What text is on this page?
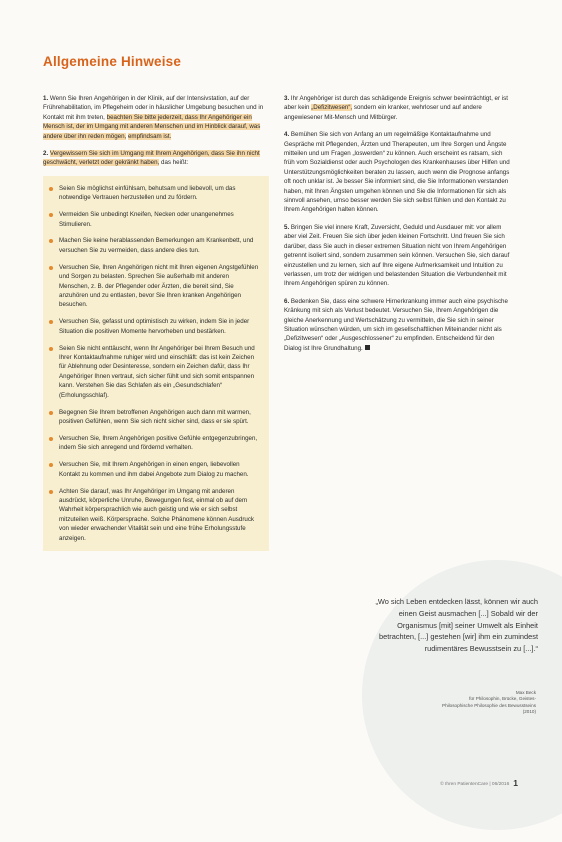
Allgemeine Hinweise

1. Wenn Sie Ihren Angehörigen in der Klinik, auf der Intensivstation, auf der Frührehabilitation, im Pflegeheim oder in häuslicher Umgebung besuchen und in Kontakt mit ihm treten, beachten Sie bitte jederzeit, dass Ihr Angehöriger ein Mensch ist, der im Umgang mit anderen Menschen und im Hinblick darauf, was andere über ihn reden mögen, empfindsam ist.

2. Vergewissern Sie sich im Umgang mit Ihrem Angehörigen, dass Sie ihn nicht geschwächt, verletzt oder gekränkt haben, das heißt:

Seien Sie möglichst einfühlsam, behutsam und liebevoll, um das notwendige Vertrauen herzustellen und zu fördern.
Vermeiden Sie unbedingt Kneifen, Necken oder unangenehmes Stimulieren.
Machen Sie keine herablassenden Bemerkungen am Krankenbett, und versuchen Sie zu vermeiden, dass andere dies tun.
Versuchen Sie, Ihren Angehörigen nicht mit Ihren eigenen Angstgefühlen und Sorgen zu belasten. Sprechen Sie außerhalb mit anderen Menschen, z. B. der Pflegender oder Ärzten, die bereit sind, Sie anzuhören und zu entlasten, bevor Sie Ihren kranken Angehörigen besuchen.
Versuchen Sie, gefasst und optimistisch zu wirken, indem Sie in jeder Situation die positiven Momente hervorheben und bestärken.
Seien Sie nicht enttäuscht, wenn Ihr Angehöriger bei Ihrem Besuch und Ihrer Kontaktaufnahme ruhiger wird und einschläft: das ist kein Zeichen für Ablehnung oder Desinteresse, sondern ein Zeichen dafür, dass Ihr Angehöriger Ihnen vertraut, sich sicher fühlt und sich somit entspannen kann. Verstehen Sie das Schlafen als ein „Gesundschlafen“ (Erholungsschlaf).
Begegnen Sie Ihrem betroffenen Angehörigen auch dann mit warmen, positiven Gefühlen, wenn Sie sich nicht sicher sind, dass er sie spürt.
Versuchen Sie, Ihrem Angehörigen positive Gefühle entgegenzubringen, indem Sie sich anregend und fördernd verhalten.
Versuchen Sie, mit Ihrem Angehörigen in einen engen, liebevollen Kontakt zu kommen und ihm dabei Angebote zum Dialog zu machen.
Achten Sie darauf, was Ihr Angehöriger im Umgang mit anderen ausdrückt, körperliche Unruhe, Bewegungen fest, einmal ob auf dem Wahrheit körpersprachlich wie auch geistig und wie er sich selbst mitzuteilen weiß. Körpersprache. Solche Phänomene können Ausdruck von wieder erwachender Vitalität sein und eine frühe Erholungsstufe anzeigen.

3. Ihr Angehöriger ist durch das schädigende Ereignis schwer beeinträchtigt, er ist aber kein „Defizitwesen“, sondern ein kranker, wehrloser und auf andere angewiesener Mit-Mensch und Mitbürger.

4. Bemühen Sie sich von Anfang an um regelmäßige Kontaktaufnahme und Gespräche mit Pflegenden, Ärzten und Therapeuten, um Ihre Sorgen und Ängste mitteilen und um Fragen „loswerden“ zu können. Auch erscheint es ratsam, sich früh vom Sozialdienst oder auch Psychologen des Krankenhauses über Hilfen und Unterstützungsmöglichkeiten beraten zu lassen, auch wenn die Prognose anfangs oft noch unklar ist. Je besser Sie informiert sind, die Sie Informationen verstanden haben, mit Ihren Ängsten umgehen können und Sie die Informationen für sich als sinnvoll ansehen, umso besser werden Sie sich selbst fühlen und den Kontakt zu Ihrem Angehörigen halten können.

5. Bringen Sie viel innere Kraft, Zuversicht, Geduld und Ausdauer mit: vor allem aber viel Zeit. Freuen Sie sich über jeden kleinen Fortschritt. Und freuen Sie sich darüber, dass Sie auch in dieser extremen Situation nicht von Ihrem Angehörigen getrennt isoliert sind, sondern zusammen sein können. Versuchen Sie, sich darauf einzustellen und zu lernen, sich auf Ihre eigene Aufmerksamkeit und Intuition zu verlassen, um trotz der widrigen und belastenden Situation die Verbundenheit mit Ihrem Angehörigen spüren zu können.

6. Bedenken Sie, dass eine schwere Hirnerkrankung immer auch eine psychische Kränkung mit sich als Verlust bedeutet. Versuchen Sie, Ihrem Angehörigen die gleiche Anerkennung und Wertschätzung zu vermitteln, die Sie sich in seiner Situation wünschen würden, um sich im gesellschaftlichen Miteinander nicht als „Defizitwesen“ oder „Ausgeschlossener“ zu empfinden. Entscheidend für den Dialog ist Ihre Grundhaltung.

„Wo sich Leben entdecken lässt, können wir auch einen Geist ausmachen [...] Sobald wir der Organismus [mit] seiner Umwelt als Einheit betrachten, [...] gestehen [wir] ihm ein zumindest rudimentäres Bewusstsein zu [...].“
Max Beck
für Philosophin, Brücke, Geistes-
Philosophische Philosophie des Bewusstseins
(2010)
© Ihren PatientenCare | 06/2016 1
